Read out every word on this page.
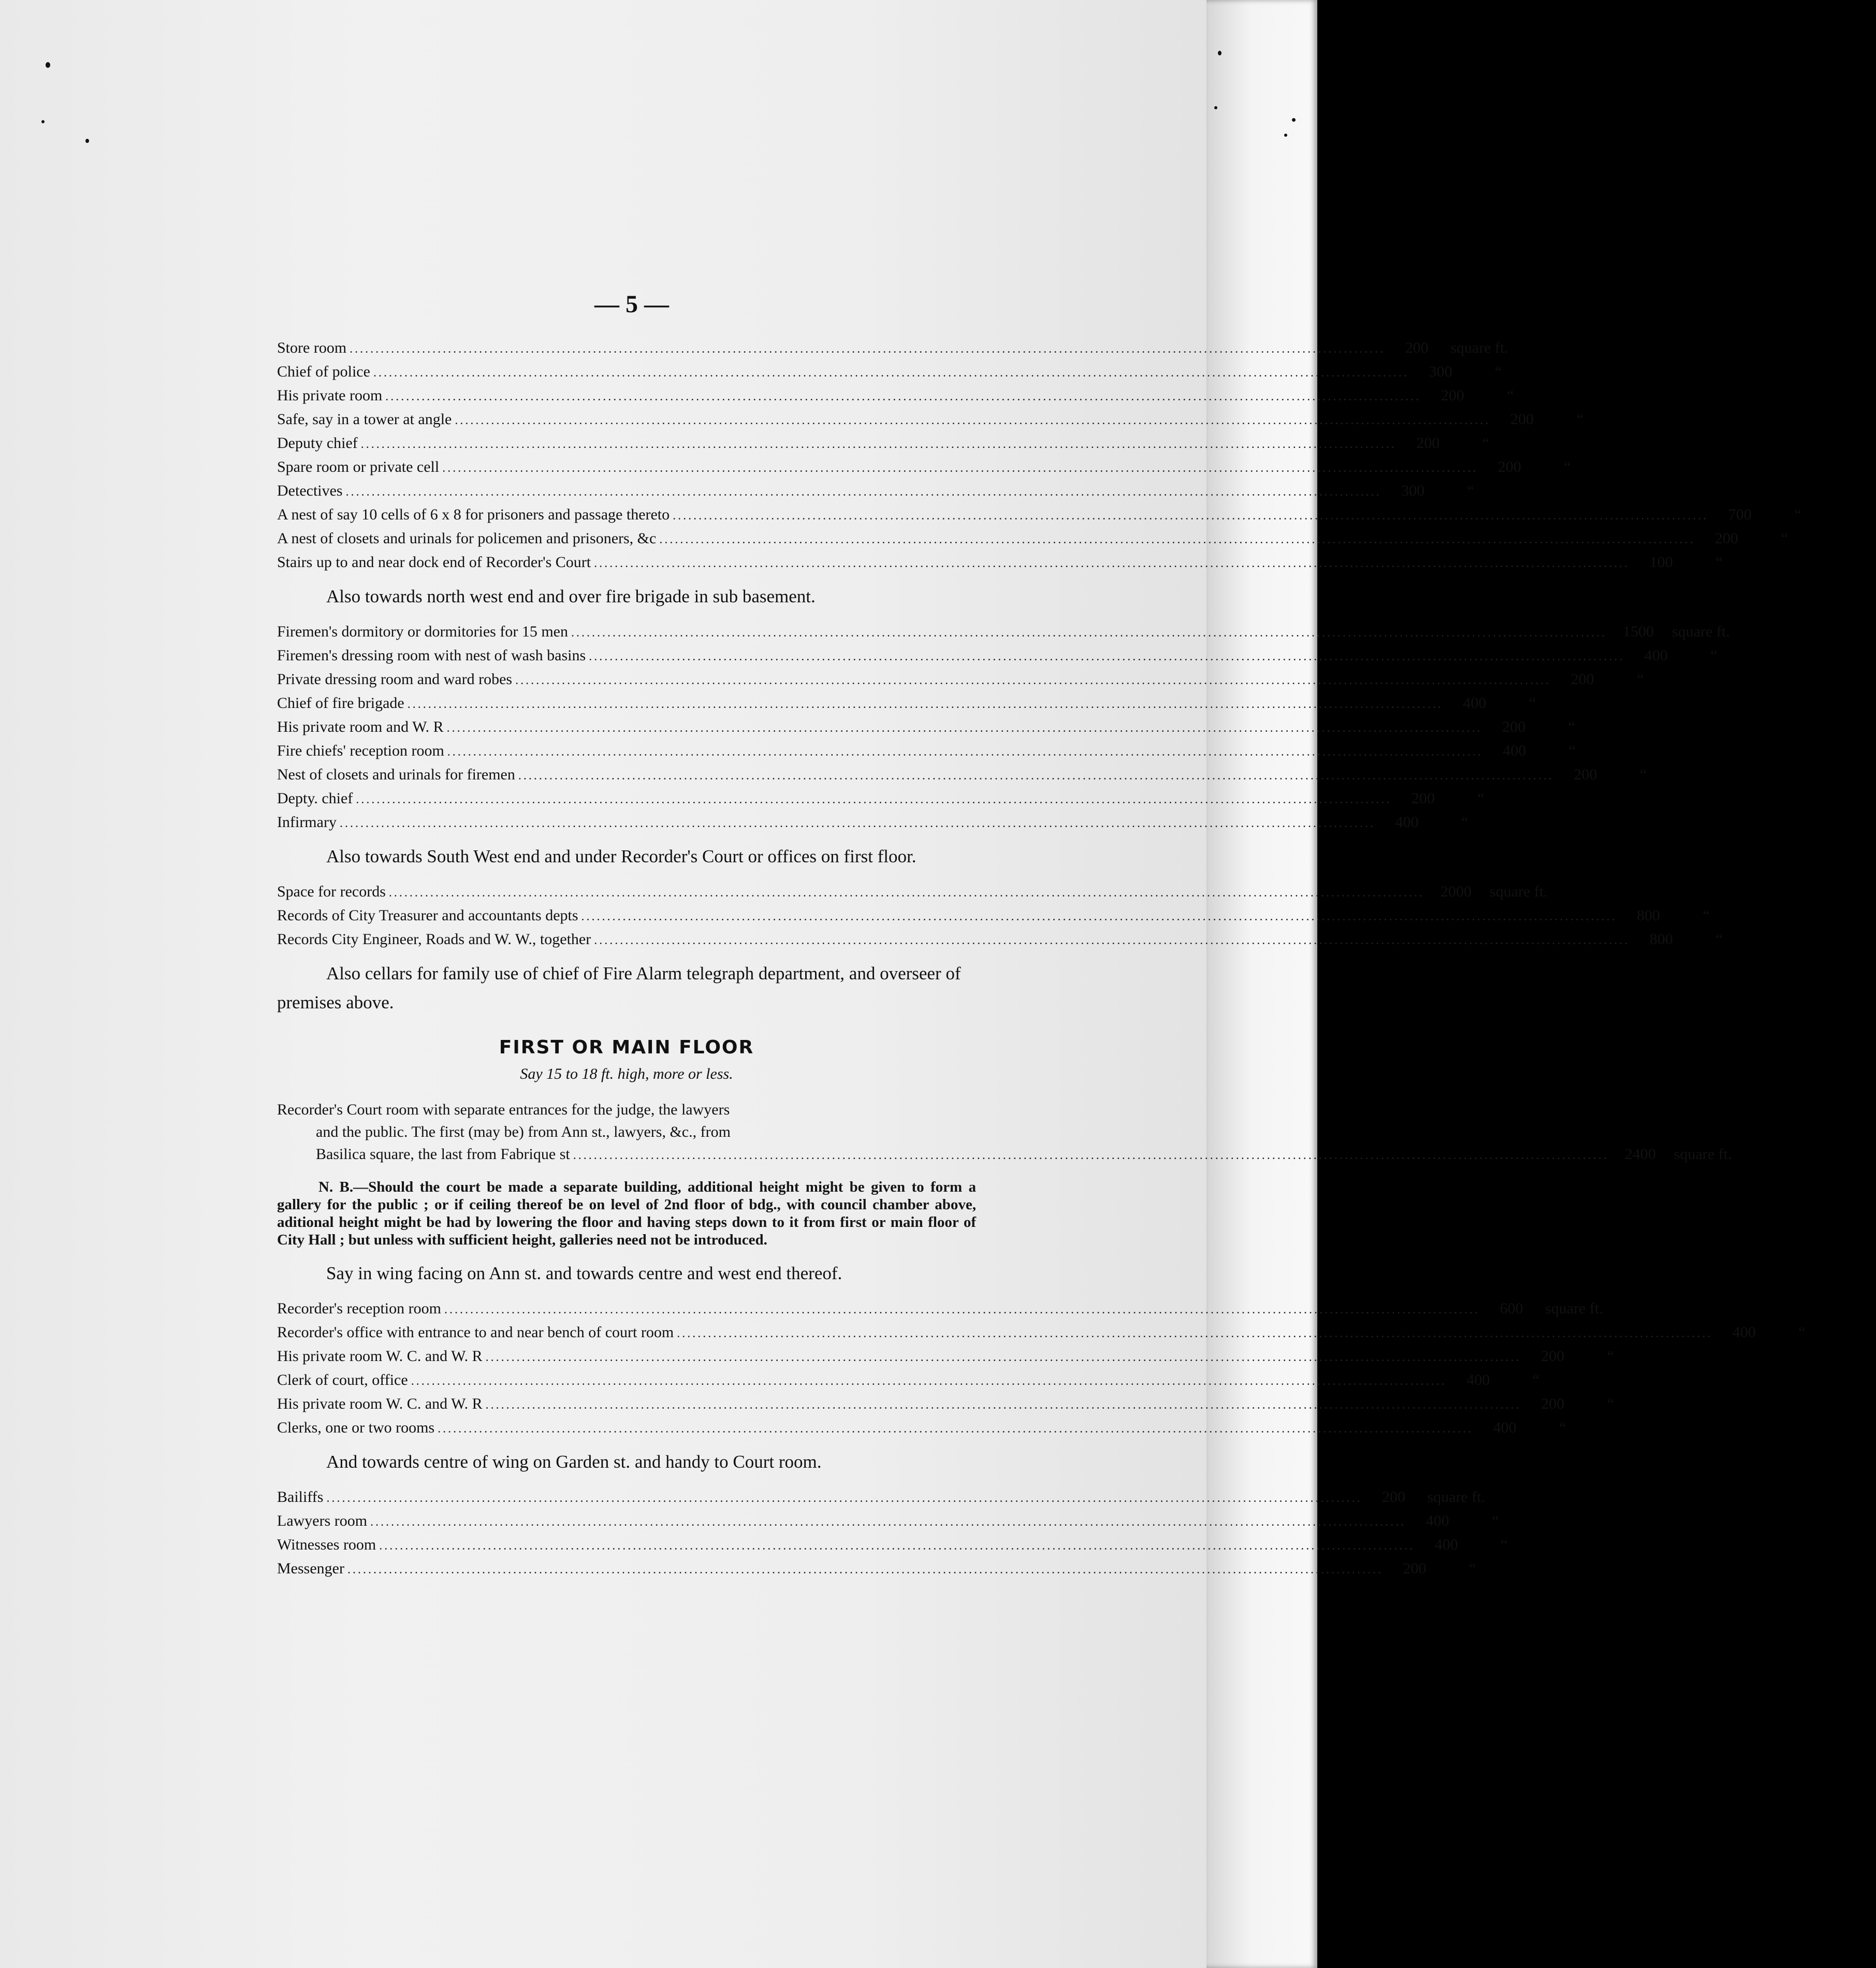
— 5 —
Store room ........................................................................................................................................................................................................	200	square ft.
Chief of police ........................................................................................................................................................................................................	300	“
His private room ........................................................................................................................................................................................................	200	“
Safe, say in a tower at angle ........................................................................................................................................................................................................	200	“
Deputy chief ........................................................................................................................................................................................................	200	“
Spare room or private cell ........................................................................................................................................................................................................	200	“
Detectives ........................................................................................................................................................................................................	300	“
A nest of say 10 cells of 6 x 8 for prisoners and passage thereto ........................................................................................................................................................................................................	700	“
A nest of closets and urinals for policemen and prisoners, &c ........................................................................................................................................................................................................	200	“
Stairs up to and near dock end of Recorder's Court ........................................................................................................................................................................................................	100	“
Also towards north west end and over fire brigade in sub basement.
Firemen's dormitory or dormitories for 15 men ........................................................................................................................................................................................................	1500	square ft.
Firemen's dressing room with nest of wash basins ........................................................................................................................................................................................................	400	“
Private dressing room and ward robes ........................................................................................................................................................................................................	200	“
Chief of fire brigade ........................................................................................................................................................................................................	400	“
His private room and W. R ........................................................................................................................................................................................................	200	“
Fire chiefs' reception room ........................................................................................................................................................................................................	400	“
Nest of closets and urinals for firemen ........................................................................................................................................................................................................	200	“
Depty. chief ........................................................................................................................................................................................................	200	“
Infirmary ........................................................................................................................................................................................................	400	“
Also towards South West end and under Recorder's Court or offices on first floor.
Space for records ........................................................................................................................................................................................................	2000	square ft.
Records of City Treasurer and accountants depts ........................................................................................................................................................................................................	800	“
Records City Engineer, Roads and W. W., together ........................................................................................................................................................................................................	800	“
Also cellars for family use of chief of Fire Alarm telegraph department, and overseer of premises above.
FIRST OR MAIN FLOOR
Say 15 to 18 ft. high, more or less.
Recorder's Court room with separate entrances for the judge, the lawyers
and the public. The first (may be) from Ann st., lawyers, &c., from
Basilica square, the last from Fabrique st ........................................................................................................................................................................................................	2400	square ft.
N. B.—Should the court be made a separate building, additional height might be given to form a gallery for the public ; or if ceiling thereof be on level of 2nd floor of bdg., with council chamber above, aditional height might be had by lowering the floor and having steps down to it from first or main floor of City Hall ; but unless with sufficient height, galleries need not be introduced.
Say in wing facing on Ann st. and towards centre and west end thereof.
Recorder's reception room ........................................................................................................................................................................................................	600	square ft.
Recorder's office with entrance to and near bench of court room ........................................................................................................................................................................................................	400	“
His private room W. C. and W. R ........................................................................................................................................................................................................	200	“
Clerk of court, office ........................................................................................................................................................................................................	400	“
His private room W. C. and W. R ........................................................................................................................................................................................................	200	“
Clerks, one or two rooms ........................................................................................................................................................................................................	400	“
And towards centre of wing on Garden st. and handy to Court room.
Bailiffs ........................................................................................................................................................................................................	200	square ft.
Lawyers room ........................................................................................................................................................................................................	400	“
Witnesses room ........................................................................................................................................................................................................	400	“
Messenger ........................................................................................................................................................................................................	200	“
